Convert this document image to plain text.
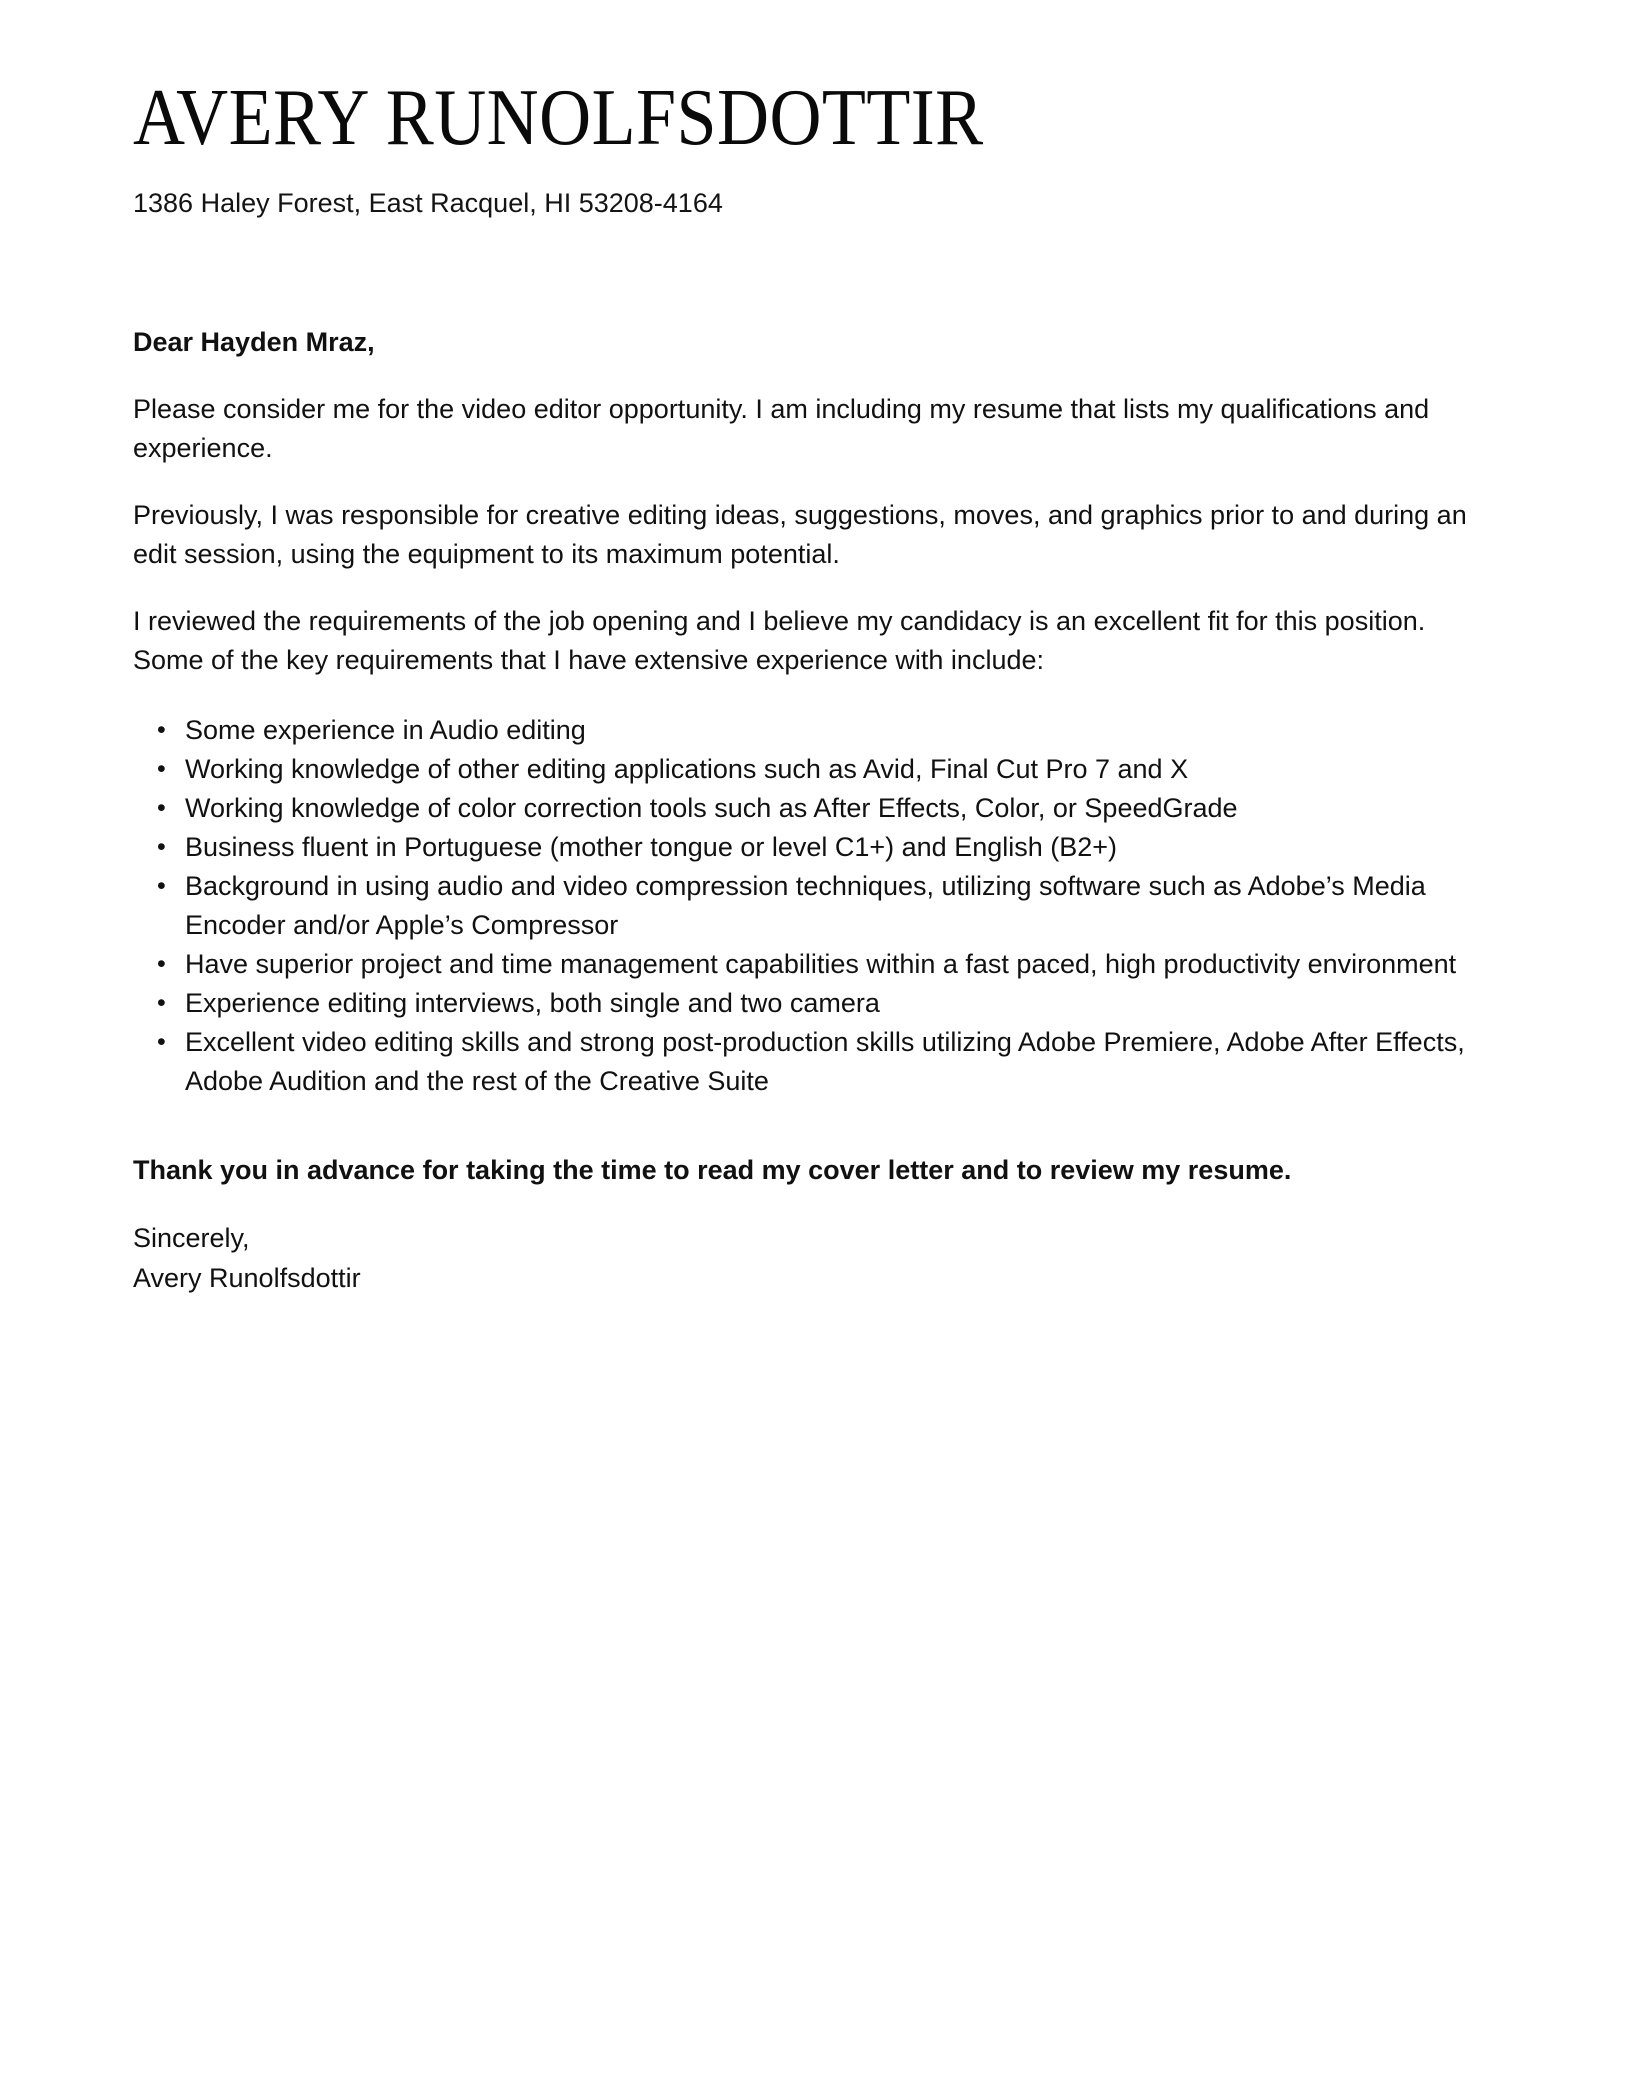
AVERY RUNOLFSDOTTIR
1386 Haley Forest, East Racquel, HI 53208-4164

Dear Hayden Mraz,

Please consider me for the video editor opportunity. I am including my resume that lists my qualifications and experience.

Previously, I was responsible for creative editing ideas, suggestions, moves, and graphics prior to and during an edit session, using the equipment to its maximum potential.

I reviewed the requirements of the job opening and I believe my candidacy is an excellent fit for this position. Some of the key requirements that I have extensive experience with include:

• Some experience in Audio editing
• Working knowledge of other editing applications such as Avid, Final Cut Pro 7 and X
• Working knowledge of color correction tools such as After Effects, Color, or SpeedGrade
• Business fluent in Portuguese (mother tongue or level C1+) and English (B2+)
• Background in using audio and video compression techniques, utilizing software such as Adobe’s Media Encoder and/or Apple’s Compressor
• Have superior project and time management capabilities within a fast paced, high productivity environment
• Experience editing interviews, both single and two camera
• Excellent video editing skills and strong post-production skills utilizing Adobe Premiere, Adobe After Effects, Adobe Audition and the rest of the Creative Suite

Thank you in advance for taking the time to read my cover letter and to review my resume.

Sincerely,
Avery Runolfsdottir
